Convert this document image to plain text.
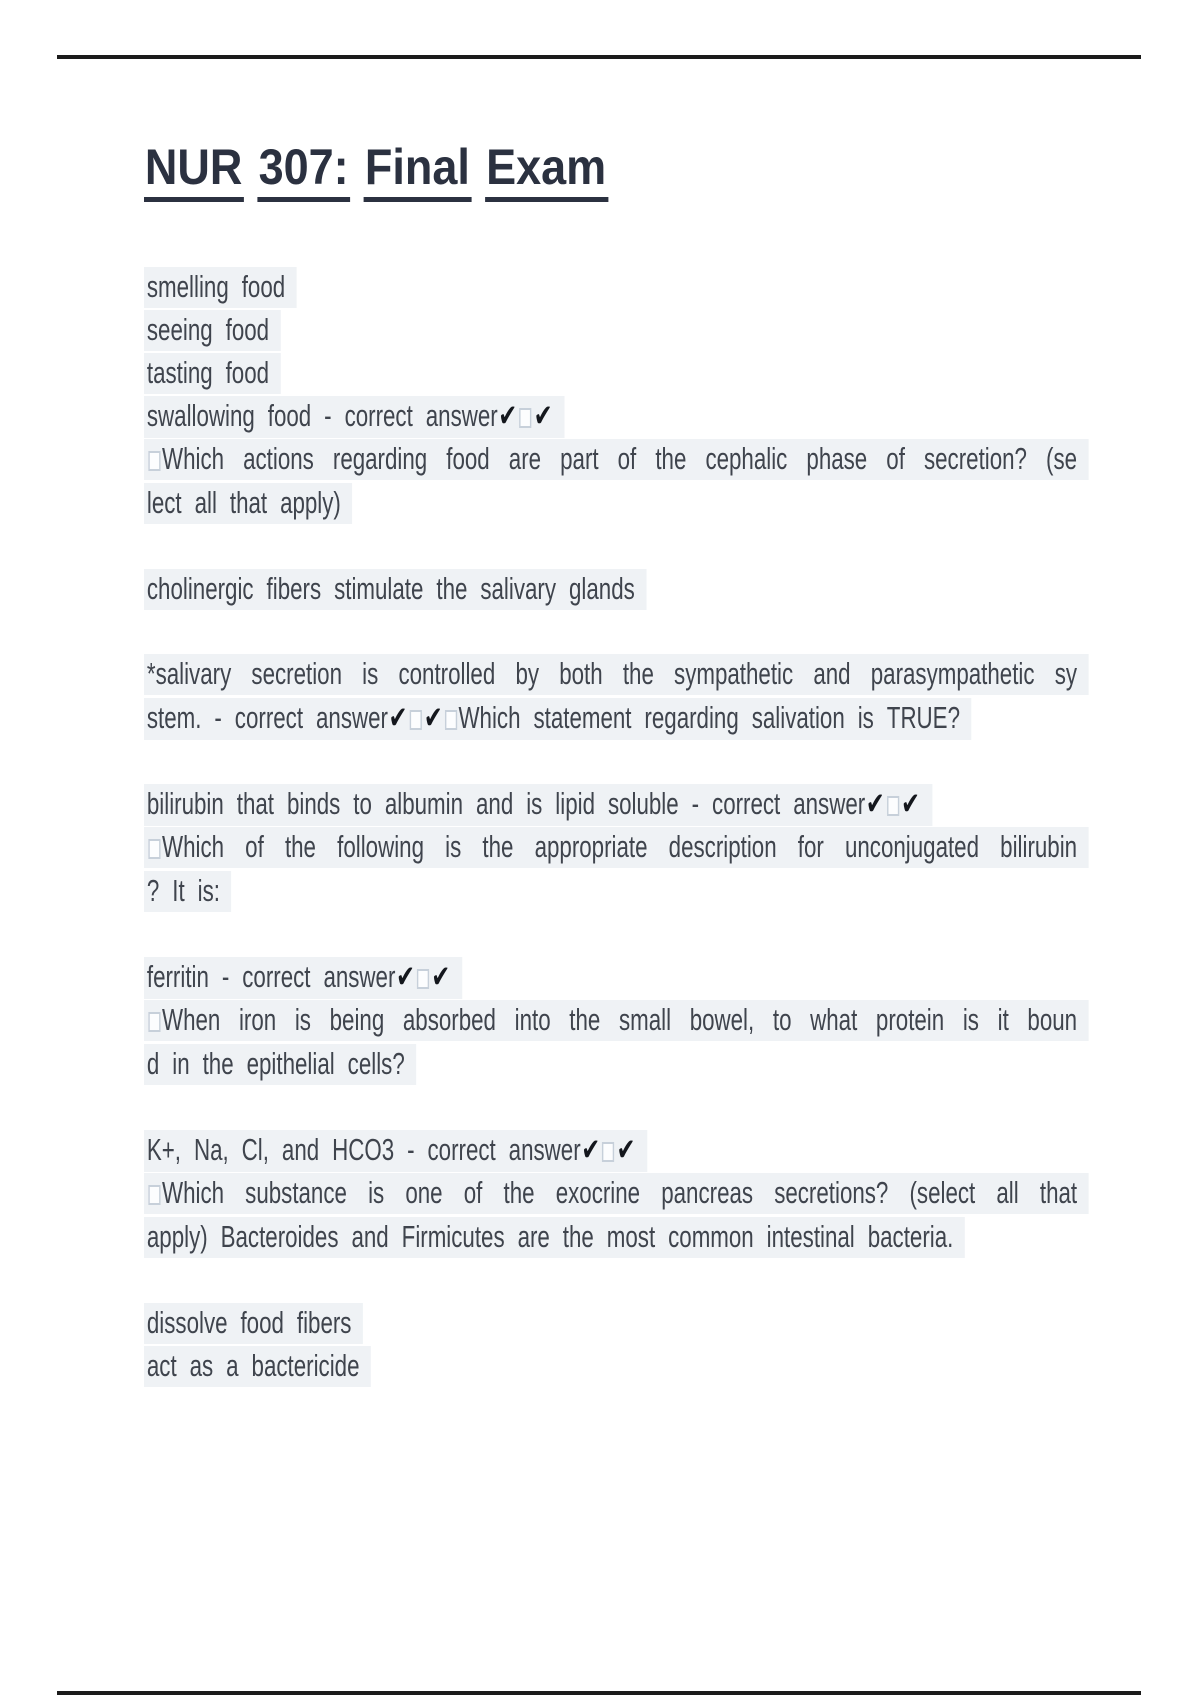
NUR 307: Final Exam
smelling food
seeing food
tasting food
swallowing food - correct answer✔ ✔
Which actions regarding food are part of the cephalic phase of secretion? (se
lect all that apply)
cholinergic fibers stimulate the salivary glands
*salivary secretion is controlled by both the sympathetic and parasympathetic sy
stem. - correct answer✔ ✔ Which statement regarding salivation is TRUE?
bilirubin that binds to albumin and is lipid soluble - correct answer✔ ✔
Which of the following is the appropriate description for unconjugated bilirubin
? It is:
ferritin - correct answer✔ ✔
When iron is being absorbed into the small bowel, to what protein is it boun
d in the epithelial cells?
K+, Na, Cl, and HCO3 - correct answer✔ ✔
Which substance is one of the exocrine pancreas secretions? (select all that
apply) Bacteroides and Firmicutes are the most common intestinal bacteria.
dissolve food fibers
act as a bactericide
